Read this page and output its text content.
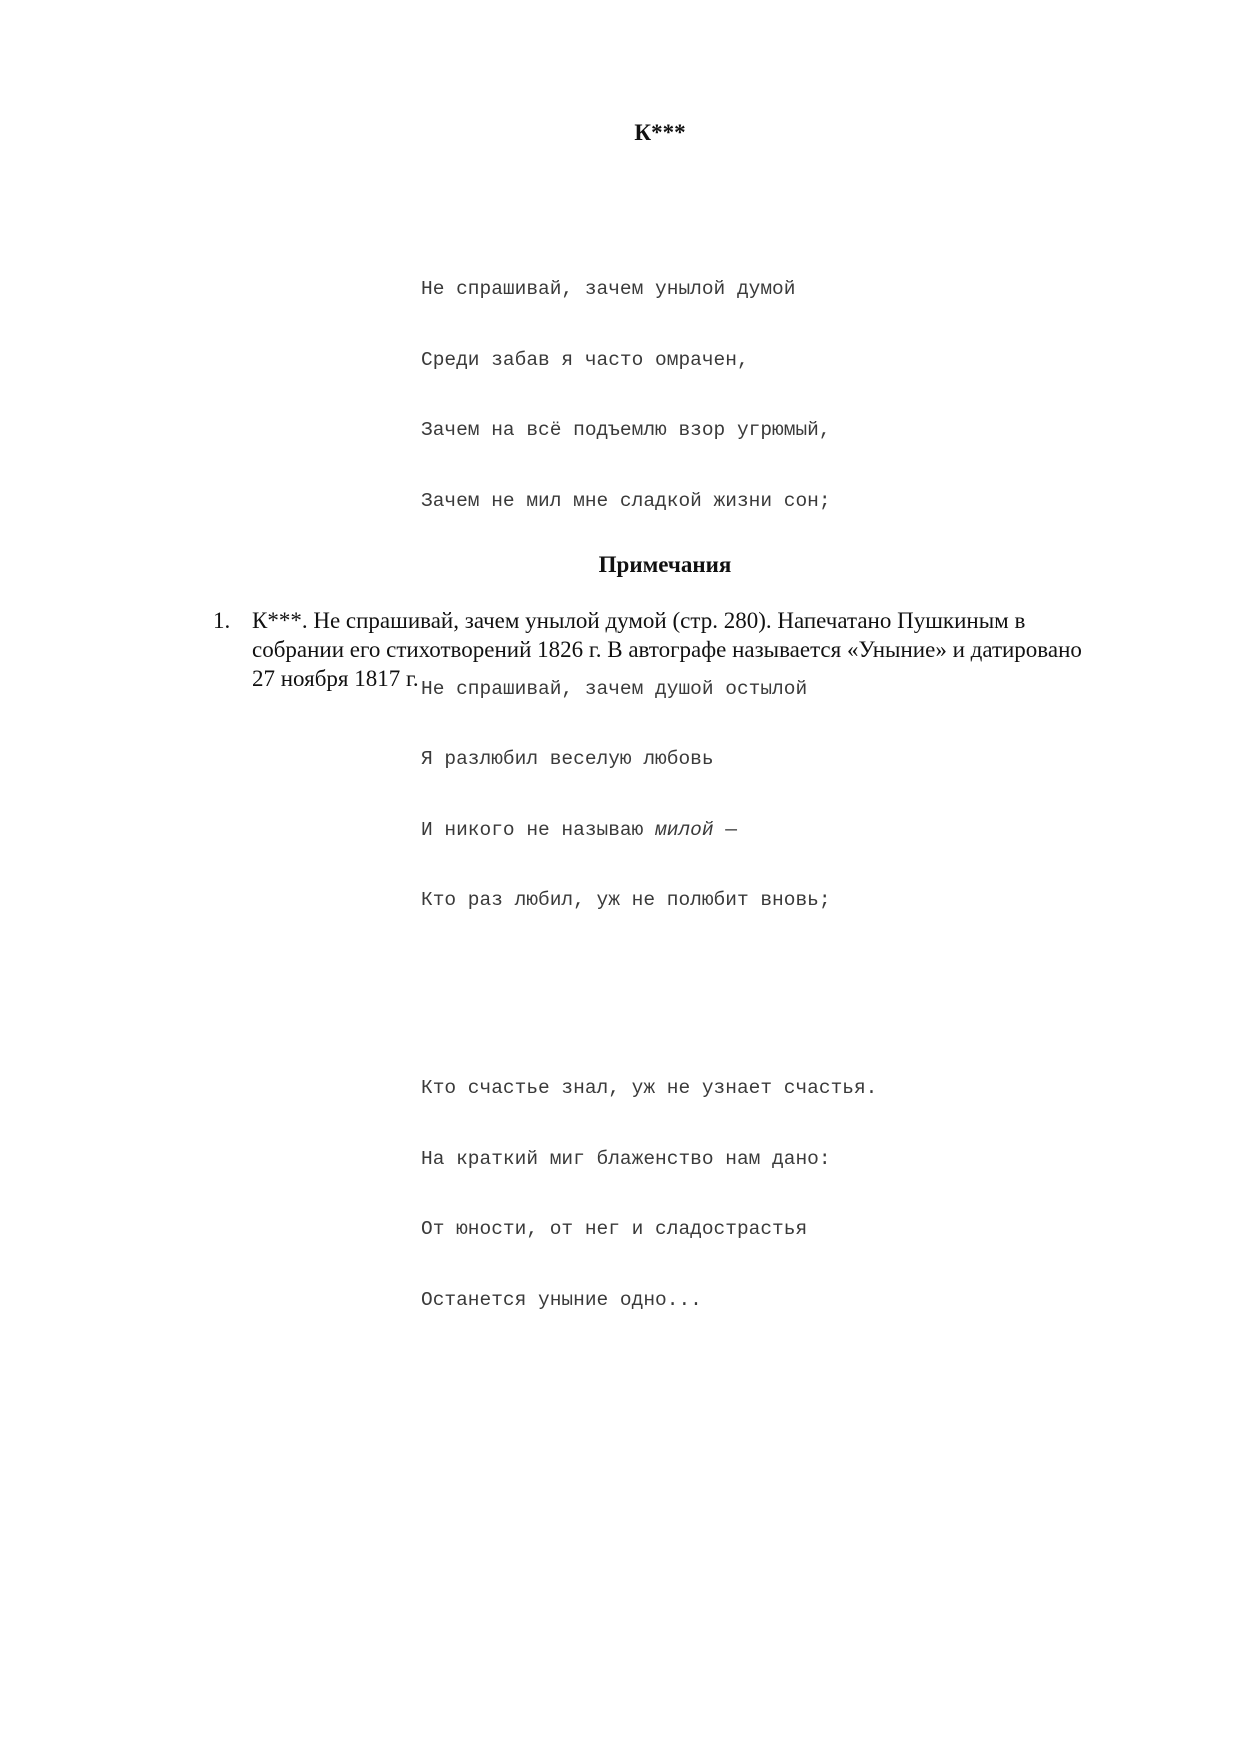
К***

Не спрашивай, зачем унылой думой

Среди забав я часто омрачен,

Зачем на всё подъемлю взор угрюмый,

Зачем не мил мне сладкой жизни сон;

Не спрашивай, зачем душой остылой

Я разлюбил веселую любовь

И никого не называю милой —

Кто раз любил, уж не полюбит вновь;

Кто счастье знал, уж не узнает счастья.

На краткий миг блаженство нам дано:

От юности, от нег и сладострастья

Останется уныние одно...

Примечания
1. К***. Не спрашивай, зачем унылой думой (стр. 280). Напечатано Пушкиным в собрании его стихотворений 1826 г. В автографе называется «Уныние» и датировано 27 ноября 1817 г.
